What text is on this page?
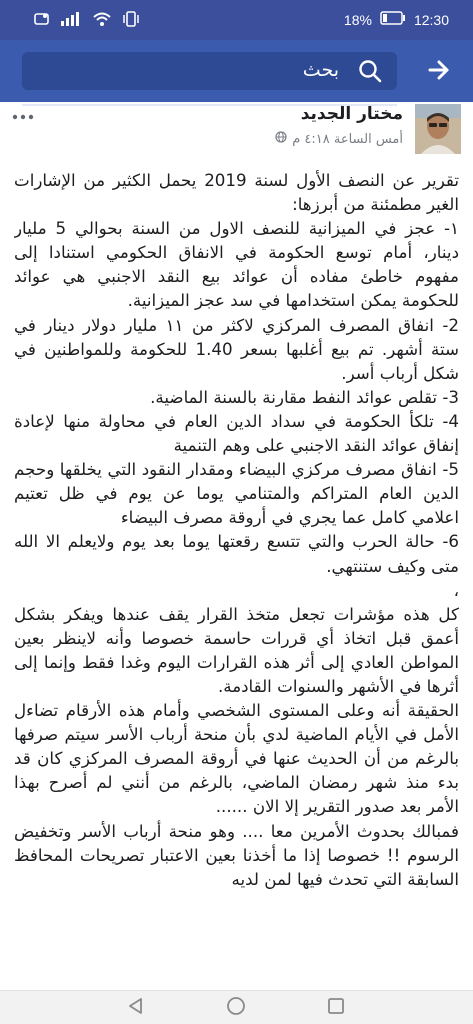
18%	12:30
بحث
مختار الجديد
أمس الساعة ٤:١٨ م

تقرير عن النصف الأول لسنة 2019 يحمل الكثير من الإشارات الغير مطمئنة من أبرزها:

١- عجز في الميزانية للنصف الاول من السنة بحوالي 5 مليار دينار، أمام توسع الحكومة في الانفاق الحكومي استنادا إلى مفهوم خاطئ مفاده أن عوائد بيع النقد الاجنبي هي عوائد للحكومة يمكن استخدامها في سد عجز الميزانية.

2- انفاق المصرف المركزي لاكثر من ١١ مليار دولار دينار في ستة أشهر. تم بيع أغلبها بسعر 1.40 للحكومة وللمواطنين في شكل أرباب أسر.

3- تقلص عوائد النفط مقارنة بالسنة الماضية.

4- تلكأ الحكومة في سداد الدين العام في محاولة منها لإعادة إنفاق عوائد النقد الاجنبي على وهم التنمية

5- انفاق مصرف مركزي البيضاء ومقدار النقود التي يخلقها وحجم الدين العام المتراكم والمتنامي يوما عن يوم في ظل تعتيم اعلامي كامل عما يجري في أروقة مصرف البيضاء

6- حالة الحرب والتي تتسع رقعتها يوما بعد يوم ولايعلم الا الله متى وكيف ستنتهي.

،

كل هذه مؤشرات تجعل متخذ القرار يقف عندها ويفكر بشكل أعمق قبل اتخاذ أي قررات حاسمة خصوصا وأنه لاينظر بعين المواطن العادي إلى أثر هذه القرارات اليوم وغدا فقط وإنما إلى أثرها في الأشهر والسنوات القادمة.

الحقيقة أنه وعلى المستوى الشخصي وأمام هذه الأرقام تضاءل الأمل في الأيام الماضية لدي بأن منحة أرباب الأسر سيتم صرفها بالرغم من أن الحديث عنها في أروقة المصرف المركزي كان قد بدء منذ شهر رمضان الماضي، بالرغم من أنني لم أصرح بهذا الأمر بعد صدور التقرير إلا الان ......

فمبالك بحدوث الأمرين معا .... وهو منحة أرباب الأسر وتخفيض الرسوم !! خصوصا إذا ما أخذنا بعين الاعتبار تصريحات المحافظ السابقة التي تحدث فيها لمن لديه
